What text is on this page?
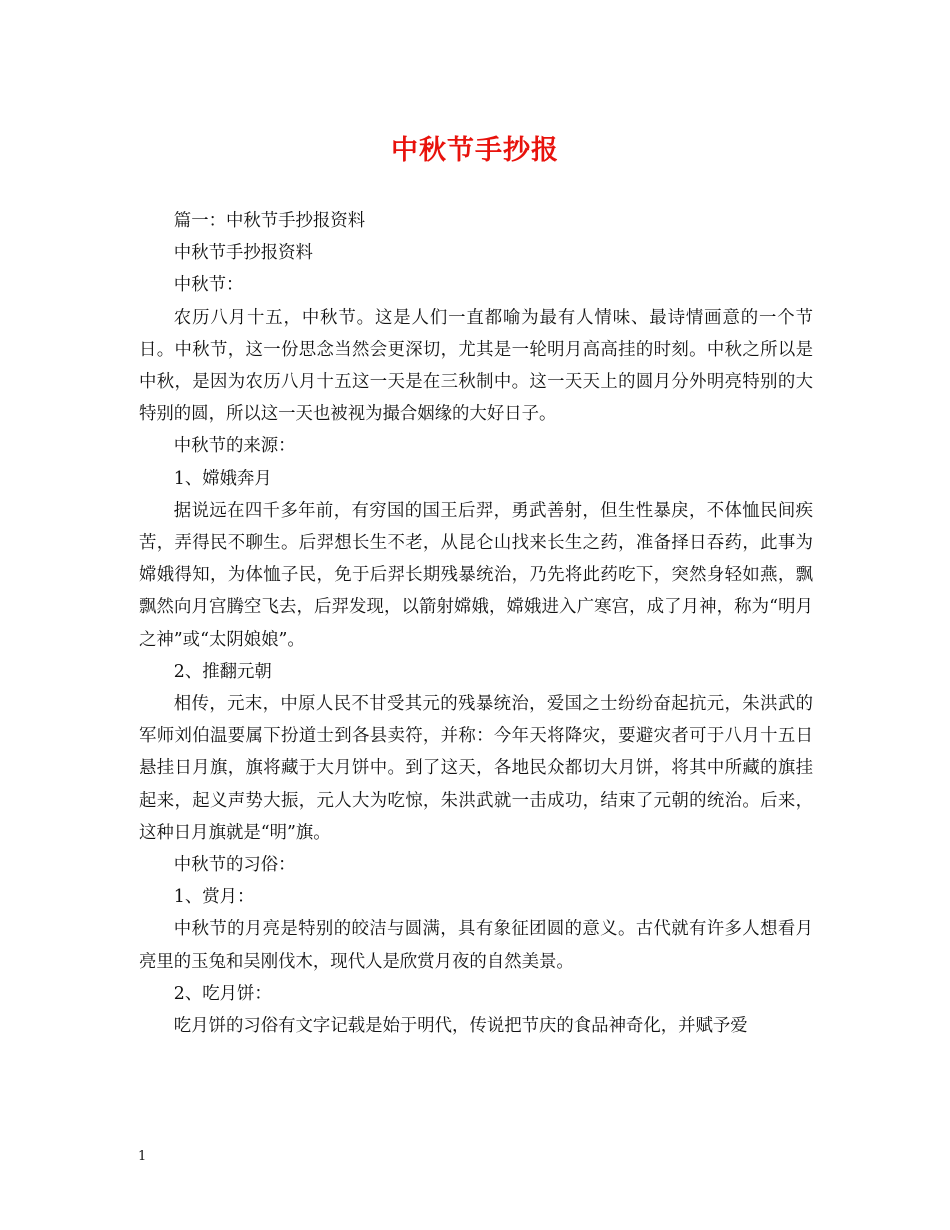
中秋节手抄报

篇一：中秋节手抄报资料

中秋节手抄报资料

中秋节：

农历八月十五，中秋节。这是人们一直都喻为最有人情味、最诗情画意的一个节日。中秋节，这一份思念当然会更深切，尤其是一轮明月高高挂的时刻。中秋之所以是中秋，是因为农历八月十五这一天是在三秋制中。这一天天上的圆月分外明亮特别的大特别的圆，所以这一天也被视为撮合姻缘的大好日子。

中秋节的来源：

1、嫦娥奔月

据说远在四千多年前，有穷国的国王后羿，勇武善射，但生性暴戾，不体恤民间疾苦，弄得民不聊生。后羿想长生不老，从昆仑山找来长生之药，准备择日吞药，此事为嫦娥得知，为体恤子民，免于后羿长期残暴统治，乃先将此药吃下，突然身轻如燕，飘飘然向月宫腾空飞去，后羿发现，以箭射嫦娥，嫦娥进入广寒宫，成了月神，称为“明月之神”或“太阴娘娘”。

2、推翻元朝

相传，元末，中原人民不甘受其元的残暴统治，爱国之士纷纷奋起抗元，朱洪武的军师刘伯温要属下扮道士到各县卖符，并称：今年天将降灾，要避灾者可于八月十五日悬挂日月旗，旗将藏于大月饼中。到了这天，各地民众都切大月饼，将其中所藏的旗挂起来，起义声势大振，元人大为吃惊，朱洪武就一击成功，结束了元朝的统治。后来，这种日月旗就是“明”旗。

中秋节的习俗：

1、赏月：

中秋节的月亮是特别的皎洁与圆满，具有象征团圆的意义。古代就有许多人想看月亮里的玉兔和吴刚伐木，现代人是欣赏月夜的自然美景。

2、吃月饼：

吃月饼的习俗有文字记载是始于明代，传说把节庆的食品神奇化，并赋予爱

1
